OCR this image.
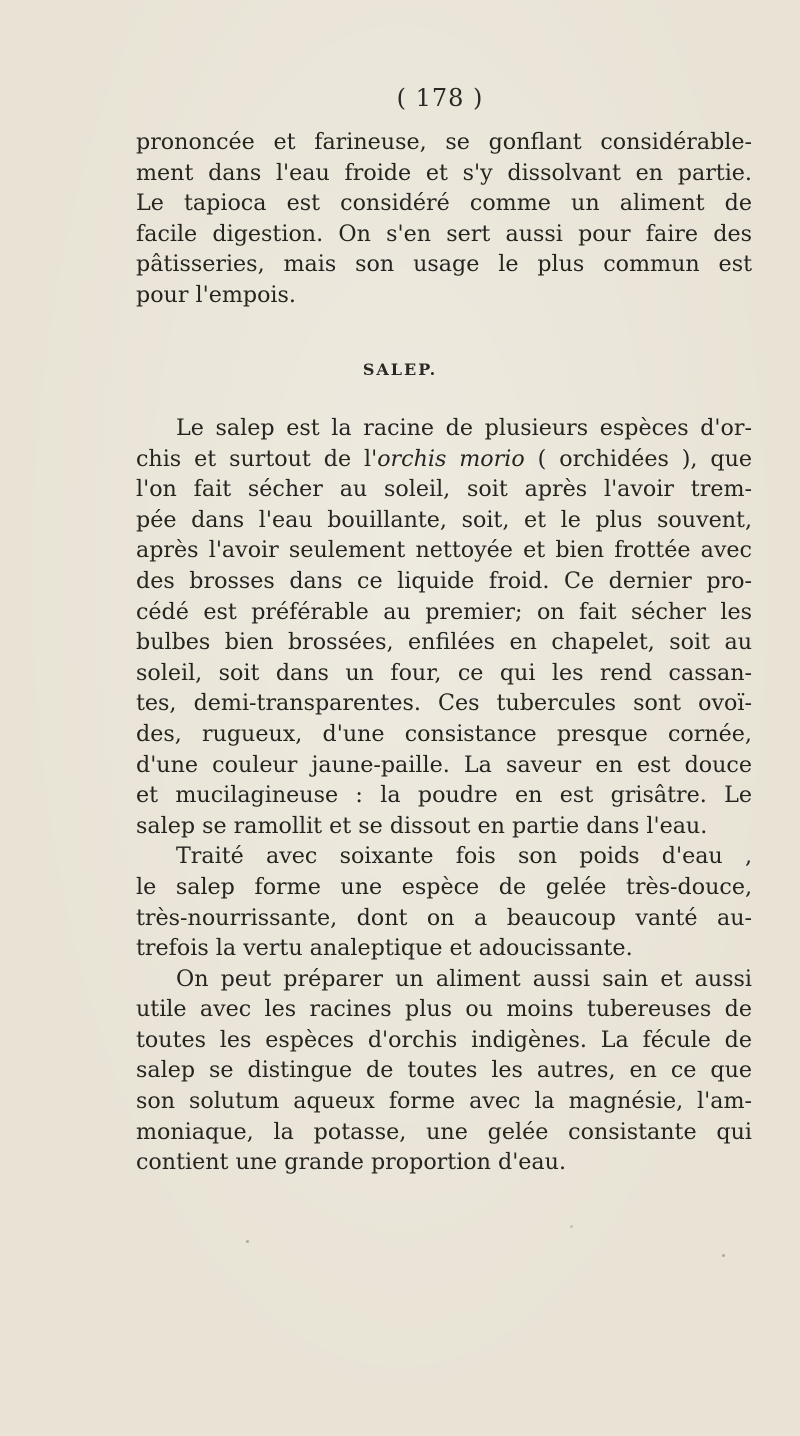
( 178 )
prononcée et farineuse, se gonflant considérable-
ment dans l'eau froide et s'y dissolvant en partie.
Le tapioca est considéré comme un aliment de
facile digestion. On s'en sert aussi pour faire des
pâtisseries, mais son usage le plus commun est
pour l'empois.
SALEP.
Le salep est la racine de plusieurs espèces d'or-
chis et surtout de l'orchis morio ( orchidées ), que
l'on fait sécher au soleil, soit après l'avoir trem-
pée dans l'eau bouillante, soit, et le plus souvent,
après l'avoir seulement nettoyée et bien frottée avec
des brosses dans ce liquide froid. Ce dernier pro-
cédé est préférable au premier; on fait sécher les
bulbes bien brossées, enfilées en chapelet, soit au
soleil, soit dans un four, ce qui les rend cassan-
tes, demi-transparentes. Ces tubercules sont ovoï-
des, rugueux, d'une consistance presque cornée,
d'une couleur jaune-paille. La saveur en est douce
et mucilagineuse : la poudre en est grisâtre. Le
salep se ramollit et se dissout en partie dans l'eau.
Traité avec soixante fois son poids d'eau ,
le salep forme une espèce de gelée très-douce,
très-nourrissante, dont on a beaucoup vanté au-
trefois la vertu analeptique et adoucissante.
On peut préparer un aliment aussi sain et aussi
utile avec les racines plus ou moins tubereuses de
toutes les espèces d'orchis indigènes. La fécule de
salep se distingue de toutes les autres, en ce que
son solutum aqueux forme avec la magnésie, l'am-
moniaque, la potasse, une gelée consistante qui
contient une grande proportion d'eau.
